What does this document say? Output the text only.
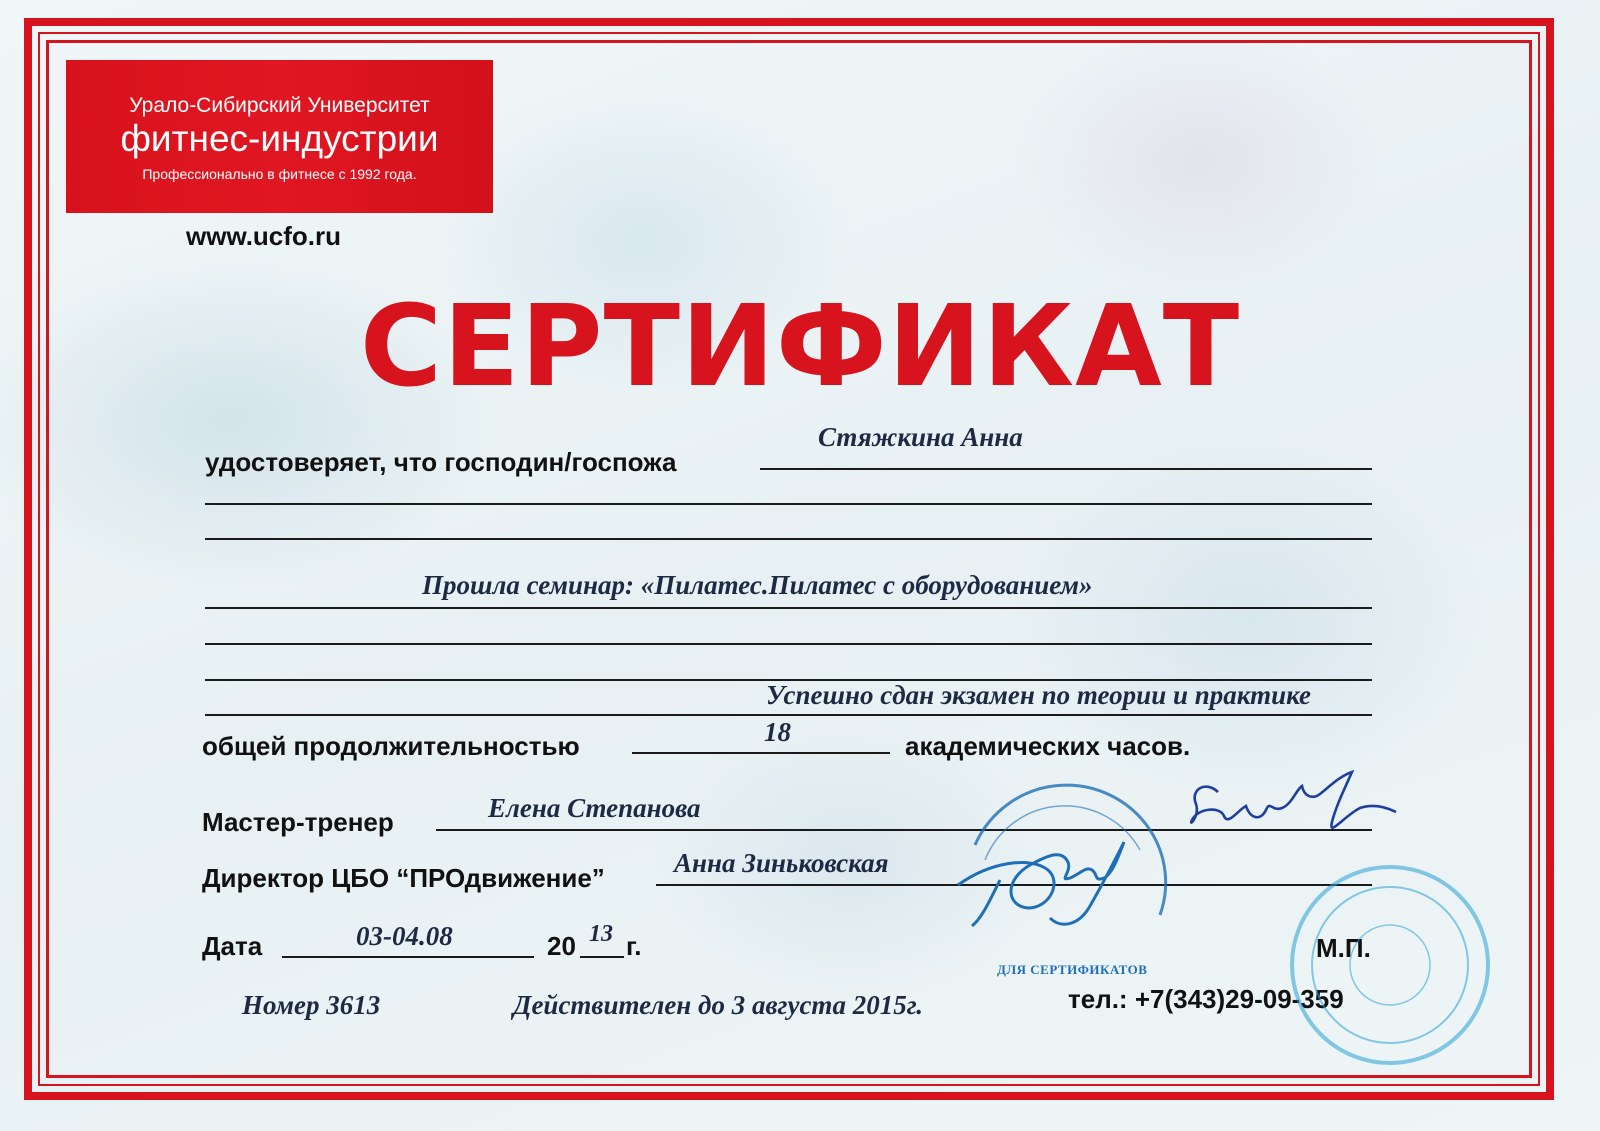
Урало-Сибирский Университет
фитнес-индустрии
Профессионально в фитнесе с 1992 года.
www.ucfo.ru
СЕРТИФИКАТ
удостоверяет, что господин/госпожа
Стяжкина Анна
Прошла семинар: «Пилатес.Пилатес с оборудованием»
Успешно сдан экзамен по теории и практике
общей продолжительностью	18	академических часов.
Мастер-тренер	Елена Степанова
Директор ЦБО “ПРОдвижение”	Анна Зиньковская
Дата	03-04.08	20 13 г.	М.П.
Номер 3613	Действителен до 3 августа 2015г.	тел.: +7(343)29-09-359
ДЛЯ СЕРТИФИКАТОВ
